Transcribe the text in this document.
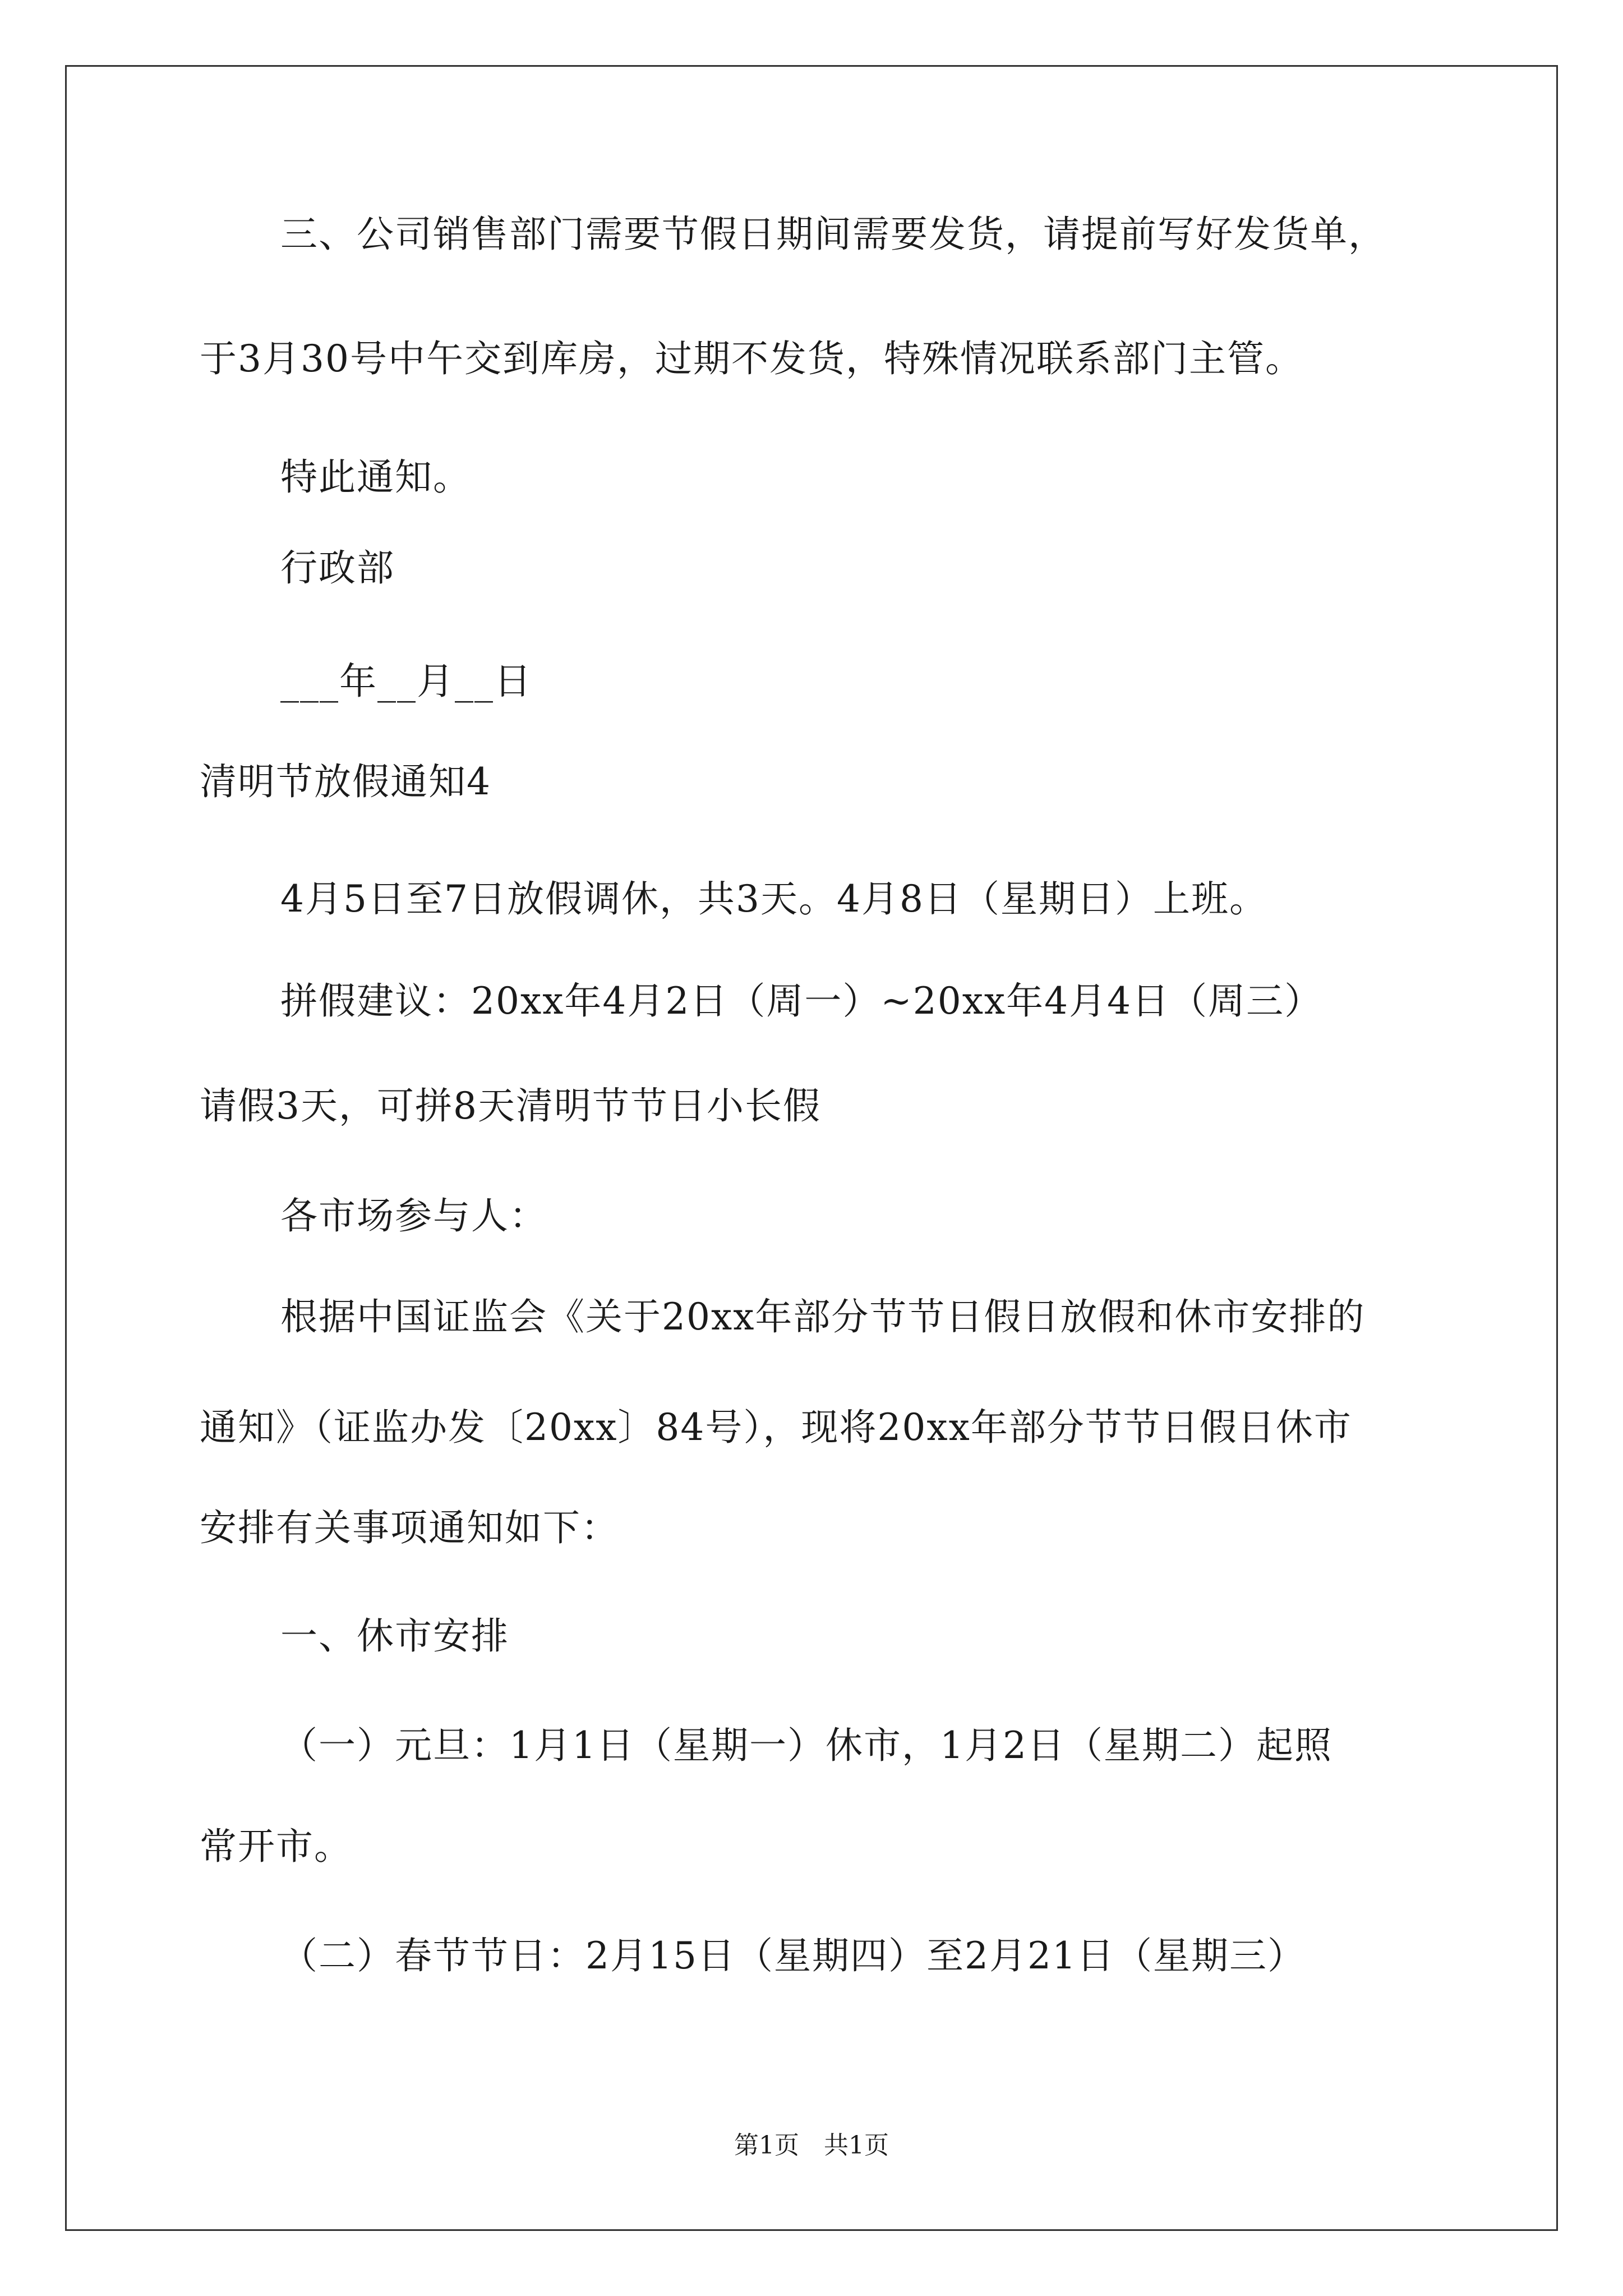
三、公司销售部门需要节假日期间需要发货，请提前写好发货单，
于3月30号中午交到库房，过期不发货，特殊情况联系部门主管。
特此通知。
行政部
___年__月__日
清明节放假通知4
4月5日至7日放假调休，共3天。4月8日（星期日）上班。
拼假建议：20xx年4月2日（周一）~20xx年4月4日（周三）
请假3天，可拼8天清明节节日小长假
各市场参与人：
根据中国证监会《关于20xx年部分节节日假日放假和休市安排的
通知》（证监办发〔20xx〕84号），现将20xx年部分节节日假日休市
安排有关事项通知如下：
一、休市安排
（一）元旦：1月1日（星期一）休市，1月2日（星期二）起照
常开市。
（二）春节节日：2月15日（星期四）至2月21日（星期三）
第1页　共1页
